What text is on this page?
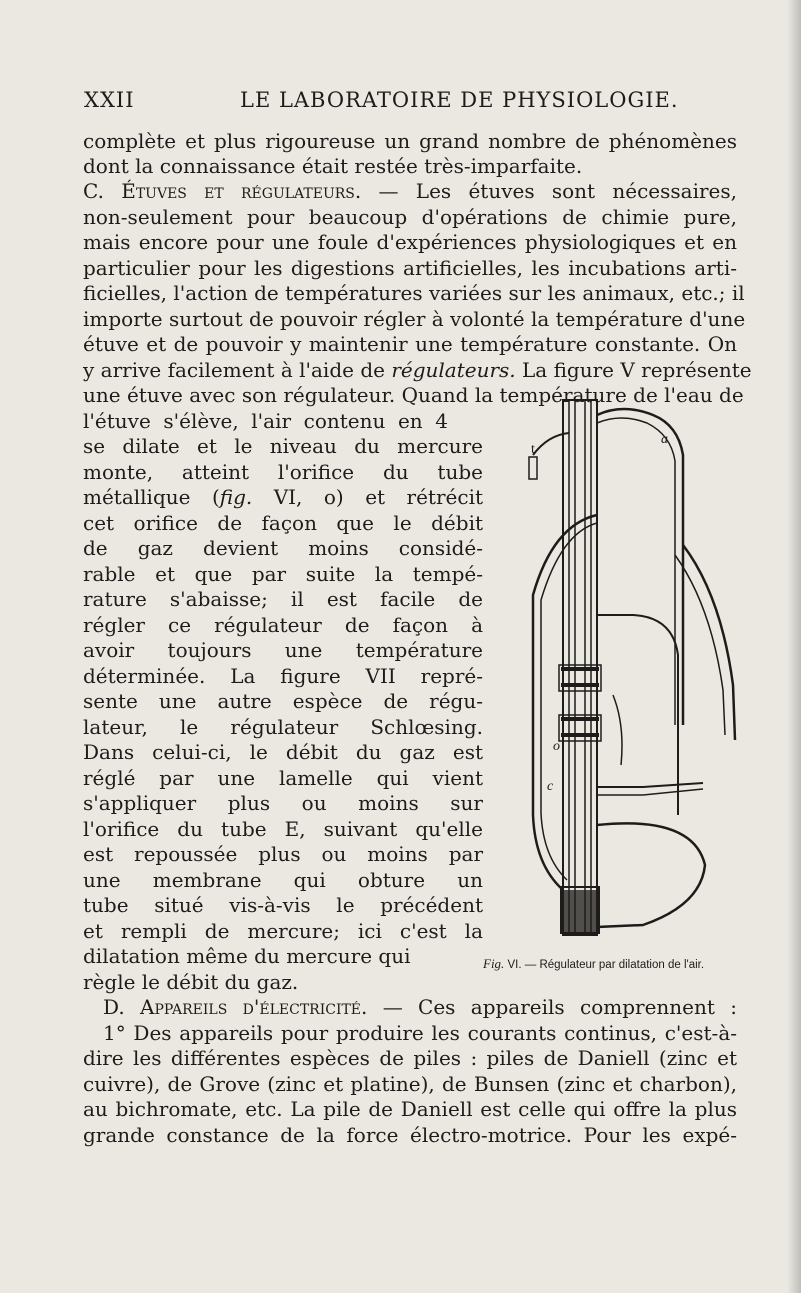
XXII	LE LABORATOIRE DE PHYSIOLOGIE.
complète et plus rigoureuse un grand nombre de phénomènes
dont la connaissance était restée très-imparfaite.
C. Étuves et régulateurs. — Les étuves sont nécessaires,
non-seulement pour beaucoup d'opérations de chimie pure,
mais encore pour une foule d'expériences physiologiques et en
particulier pour les digestions artificielles, les incubations arti-
ficielles, l'action de températures variées sur les animaux, etc.; il
importe surtout de pouvoir régler à volonté la température d'une
étuve et de pouvoir y maintenir une température constante. On
y arrive facilement à l'aide de régulateurs. La figure V représente
une étuve avec son régulateur. Quand la température de l'eau de
l'étuve s'élève, l'air contenu en 4
se dilate et le niveau du mercure
monte, atteint l'orifice du tube
métallique (fig. VI, o) et rétrécit
cet orifice de façon que le débit
de gaz devient moins considé-
rable et que par suite la tempé-
rature s'abaisse; il est facile de
régler ce régulateur de façon à
avoir toujours une température
déterminée. La figure VII repré-
sente une autre espèce de régu-
lateur, le régulateur Schlœsing.
Dans celui-ci, le débit du gaz est
réglé par une lamelle qui vient
s'appliquer plus ou moins sur
l'orifice du tube E, suivant qu'elle
est repoussée plus ou moins par
une membrane qui obture un
tube situé vis-à-vis le précédent
et rempli de mercure; ici c'est la
dilatation même du mercure qui
règle le débit du gaz.
D. Appareils d'électricité. — Ces appareils comprennent :
1° Des appareils pour produire les courants continus, c'est-à-
dire les différentes espèces de piles : piles de Daniell (zinc et
cuivre), de Grove (zinc et platine), de Bunsen (zinc et charbon),
au bichromate, etc. La pile de Daniell est celle qui offre la plus
grande constance de la force électro-motrice. Pour les expé-
Fig. VI. — Régulateur par dilatation de l'air.
a
o
c
t
